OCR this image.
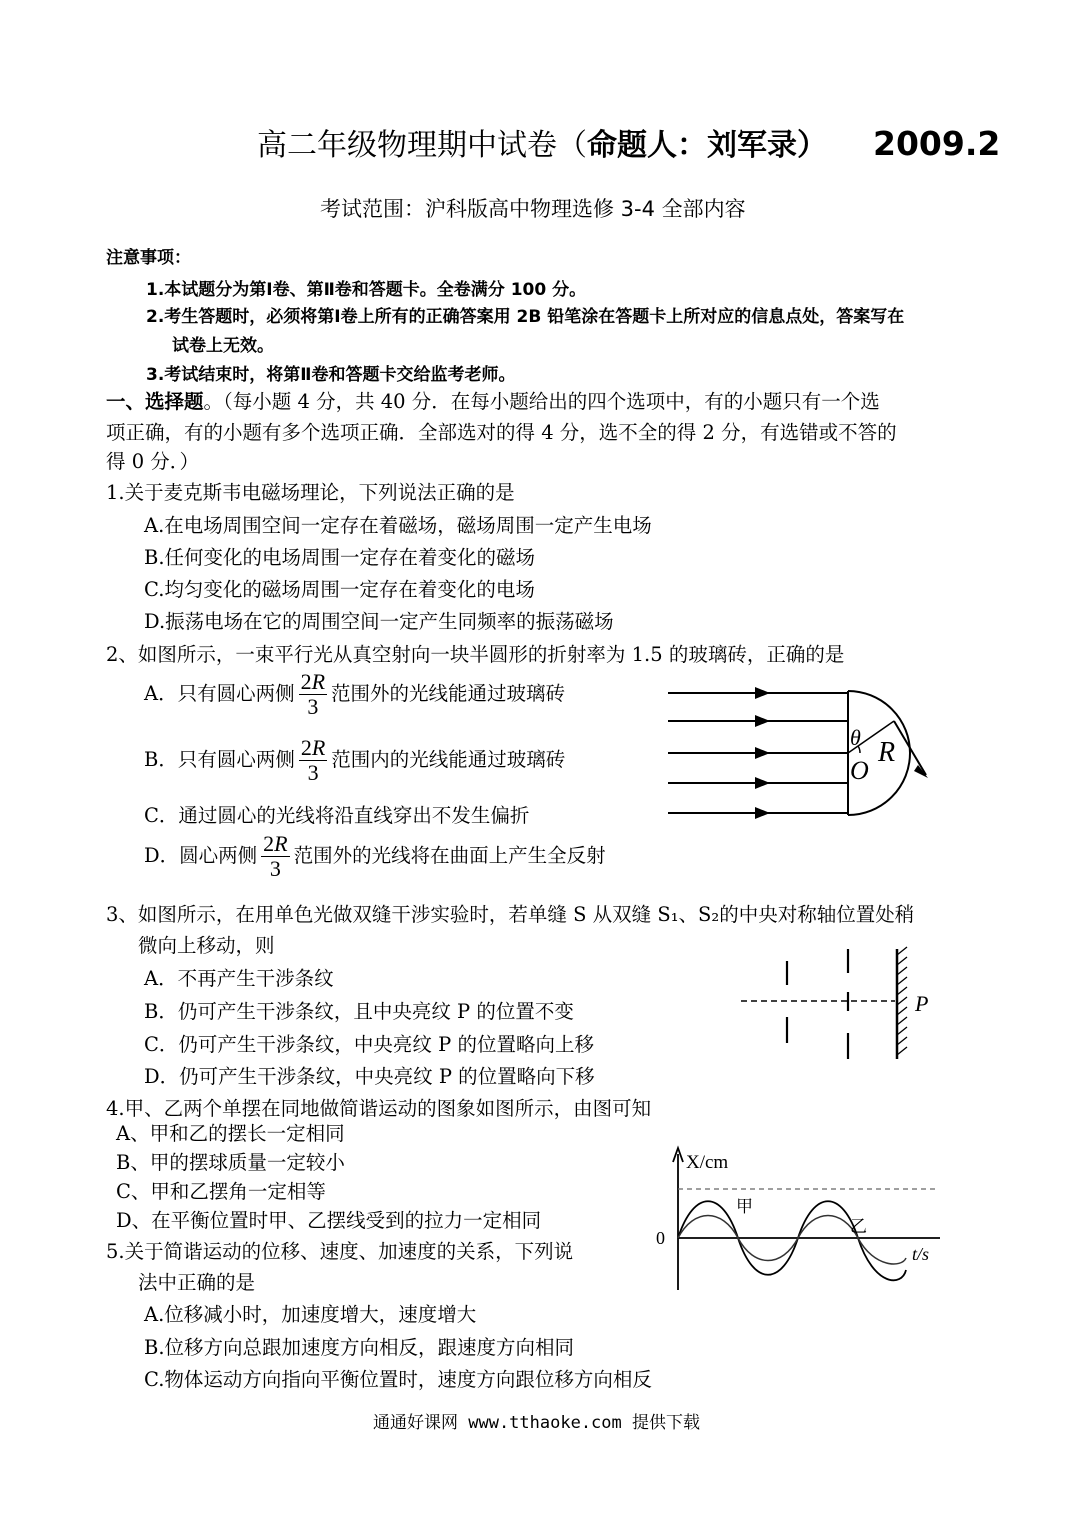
高二年级物理期中试卷（命题人：刘军录） 2009.2
考试范围：沪科版高中物理选修 3-4 全部内容
注意事项：
1.本试题分为第Ⅰ卷、第Ⅱ卷和答题卡。全卷满分 100 分。
2.考生答题时，必须将第Ⅰ卷上所有的正确答案用 2B 铅笔涂在答题卡上所对应的信息点处，答案写在
试卷上无效。
3.考试结束时，将第Ⅱ卷和答题卡交给监考老师。
一、选择题。（每小题 4 分，共 40 分．在每小题给出的四个选项中，有的小题只有一个选
项正确，有的小题有多个选项正确．全部选对的得 4 分，选不全的得 2 分，有选错或不答的
得 0 分．）
1.关于麦克斯韦电磁场理论，下列说法正确的是
A.在电场周围空间一定存在着磁场，磁场周围一定产生电场
B.任何变化的电场周围一定存在着变化的磁场
C.均匀变化的磁场周围一定存在着变化的电场
D.振荡电场在它的周围空间一定产生同频率的振荡磁场
2、如图所示，一束平行光从真空射向一块半圆形的折射率为 1.5 的玻璃砖，正确的是
A．只有圆心两侧 $\frac{2R}{3}$ 范围外的光线能通过玻璃砖
B．只有圆心两侧 $\frac{2R}{3}$ 范围内的光线能通过玻璃砖
C．通过圆心的光线将沿直线穿出不发生偏折
D．圆心两侧 $\frac{2R}{3}$ 范围外的光线将在曲面上产生全反射
θ
O
R
3、如图所示，在用单色光做双缝干涉实验时，若单缝 S 从双缝 S₁、S₂的中央对称轴位置处稍
微向上移动，则
A．不再产生干涉条纹
B．仍可产生干涉条纹，且中央亮纹 P 的位置不变
C．仍可产生干涉条纹，中央亮纹 P 的位置略向上移
D．仍可产生干涉条纹，中央亮纹 P 的位置略向下移
P
4.甲、乙两个单摆在同地做简谐运动的图象如图所示，由图可知
A、甲和乙的摆长一定相同
B、甲的摆球质量一定较小
C、甲和乙摆角一定相等
D、在平衡位置时甲、乙摆线受到的拉力一定相同
X/cm
t/s
0
甲
乙
5.关于简谐运动的位移、速度、加速度的关系，下列说
法中正确的是
A.位移减小时，加速度增大，速度增大
B.位移方向总跟加速度方向相反，跟速度方向相同
C.物体运动方向指向平衡位置时，速度方向跟位移方向相反
通通好课网 www.tthaoke.com 提供下载
